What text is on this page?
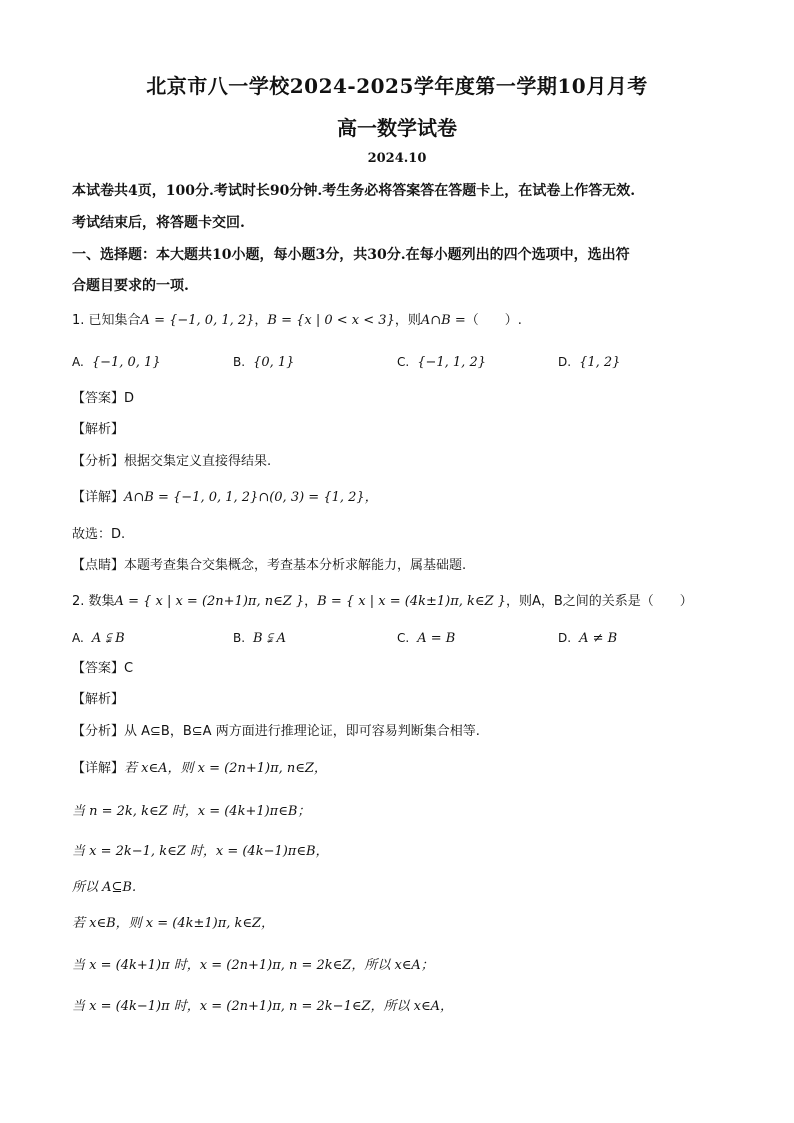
北京市八一学校2024-2025学年度第一学期10月月考
高一数学试卷
2024.10
本试卷共4页，100分.考试时长90分钟.考生务必将答案答在答题卡上，在试卷上作答无效.
考试结束后，将答题卡交回.
一、选择题：本大题共10小题，每小题3分，共30分.在每小题列出的四个选项中，选出符
合题目要求的一项.
1. 已知集合A = {−1, 0, 1, 2}，B = {x | 0 < x < 3}，则A∩B =（　　）.
A. {−1, 0, 1}	B. {0, 1}	C. {−1, 1, 2}	D. {1, 2}
【答案】D
【解析】
【分析】根据交集定义直接得结果.
【详解】A∩B = {−1, 0, 1, 2}∩(0, 3) = {1, 2}，
故选：D.
【点睛】本题考查集合交集概念，考查基本分析求解能力，属基础题.
2. 数集A = { x | x = (2n+1)π, n∈Z }，B = { x | x = (4k±1)π, k∈Z }，则A，B之间的关系是（　　）
A. A ⫋ B	B. B ⫋ A	C. A = B	D. A ≠ B
【答案】C
【解析】
【分析】从 A⊆B，B⊆A 两方面进行推理论证，即可容易判断集合相等.
【详解】若 x∈A，则 x = (2n+1)π, n∈Z，
当 n = 2k, k∈Z 时，x = (4k+1)π∈B；
当 x = 2k−1, k∈Z 时，x = (4k−1)π∈B，
所以 A⊆B.
若 x∈B，则 x = (4k±1)π, k∈Z，
当 x = (4k+1)π 时，x = (2n+1)π, n = 2k∈Z，所以 x∈A；
当 x = (4k−1)π 时，x = (2n+1)π, n = 2k−1∈Z，所以 x∈A，
